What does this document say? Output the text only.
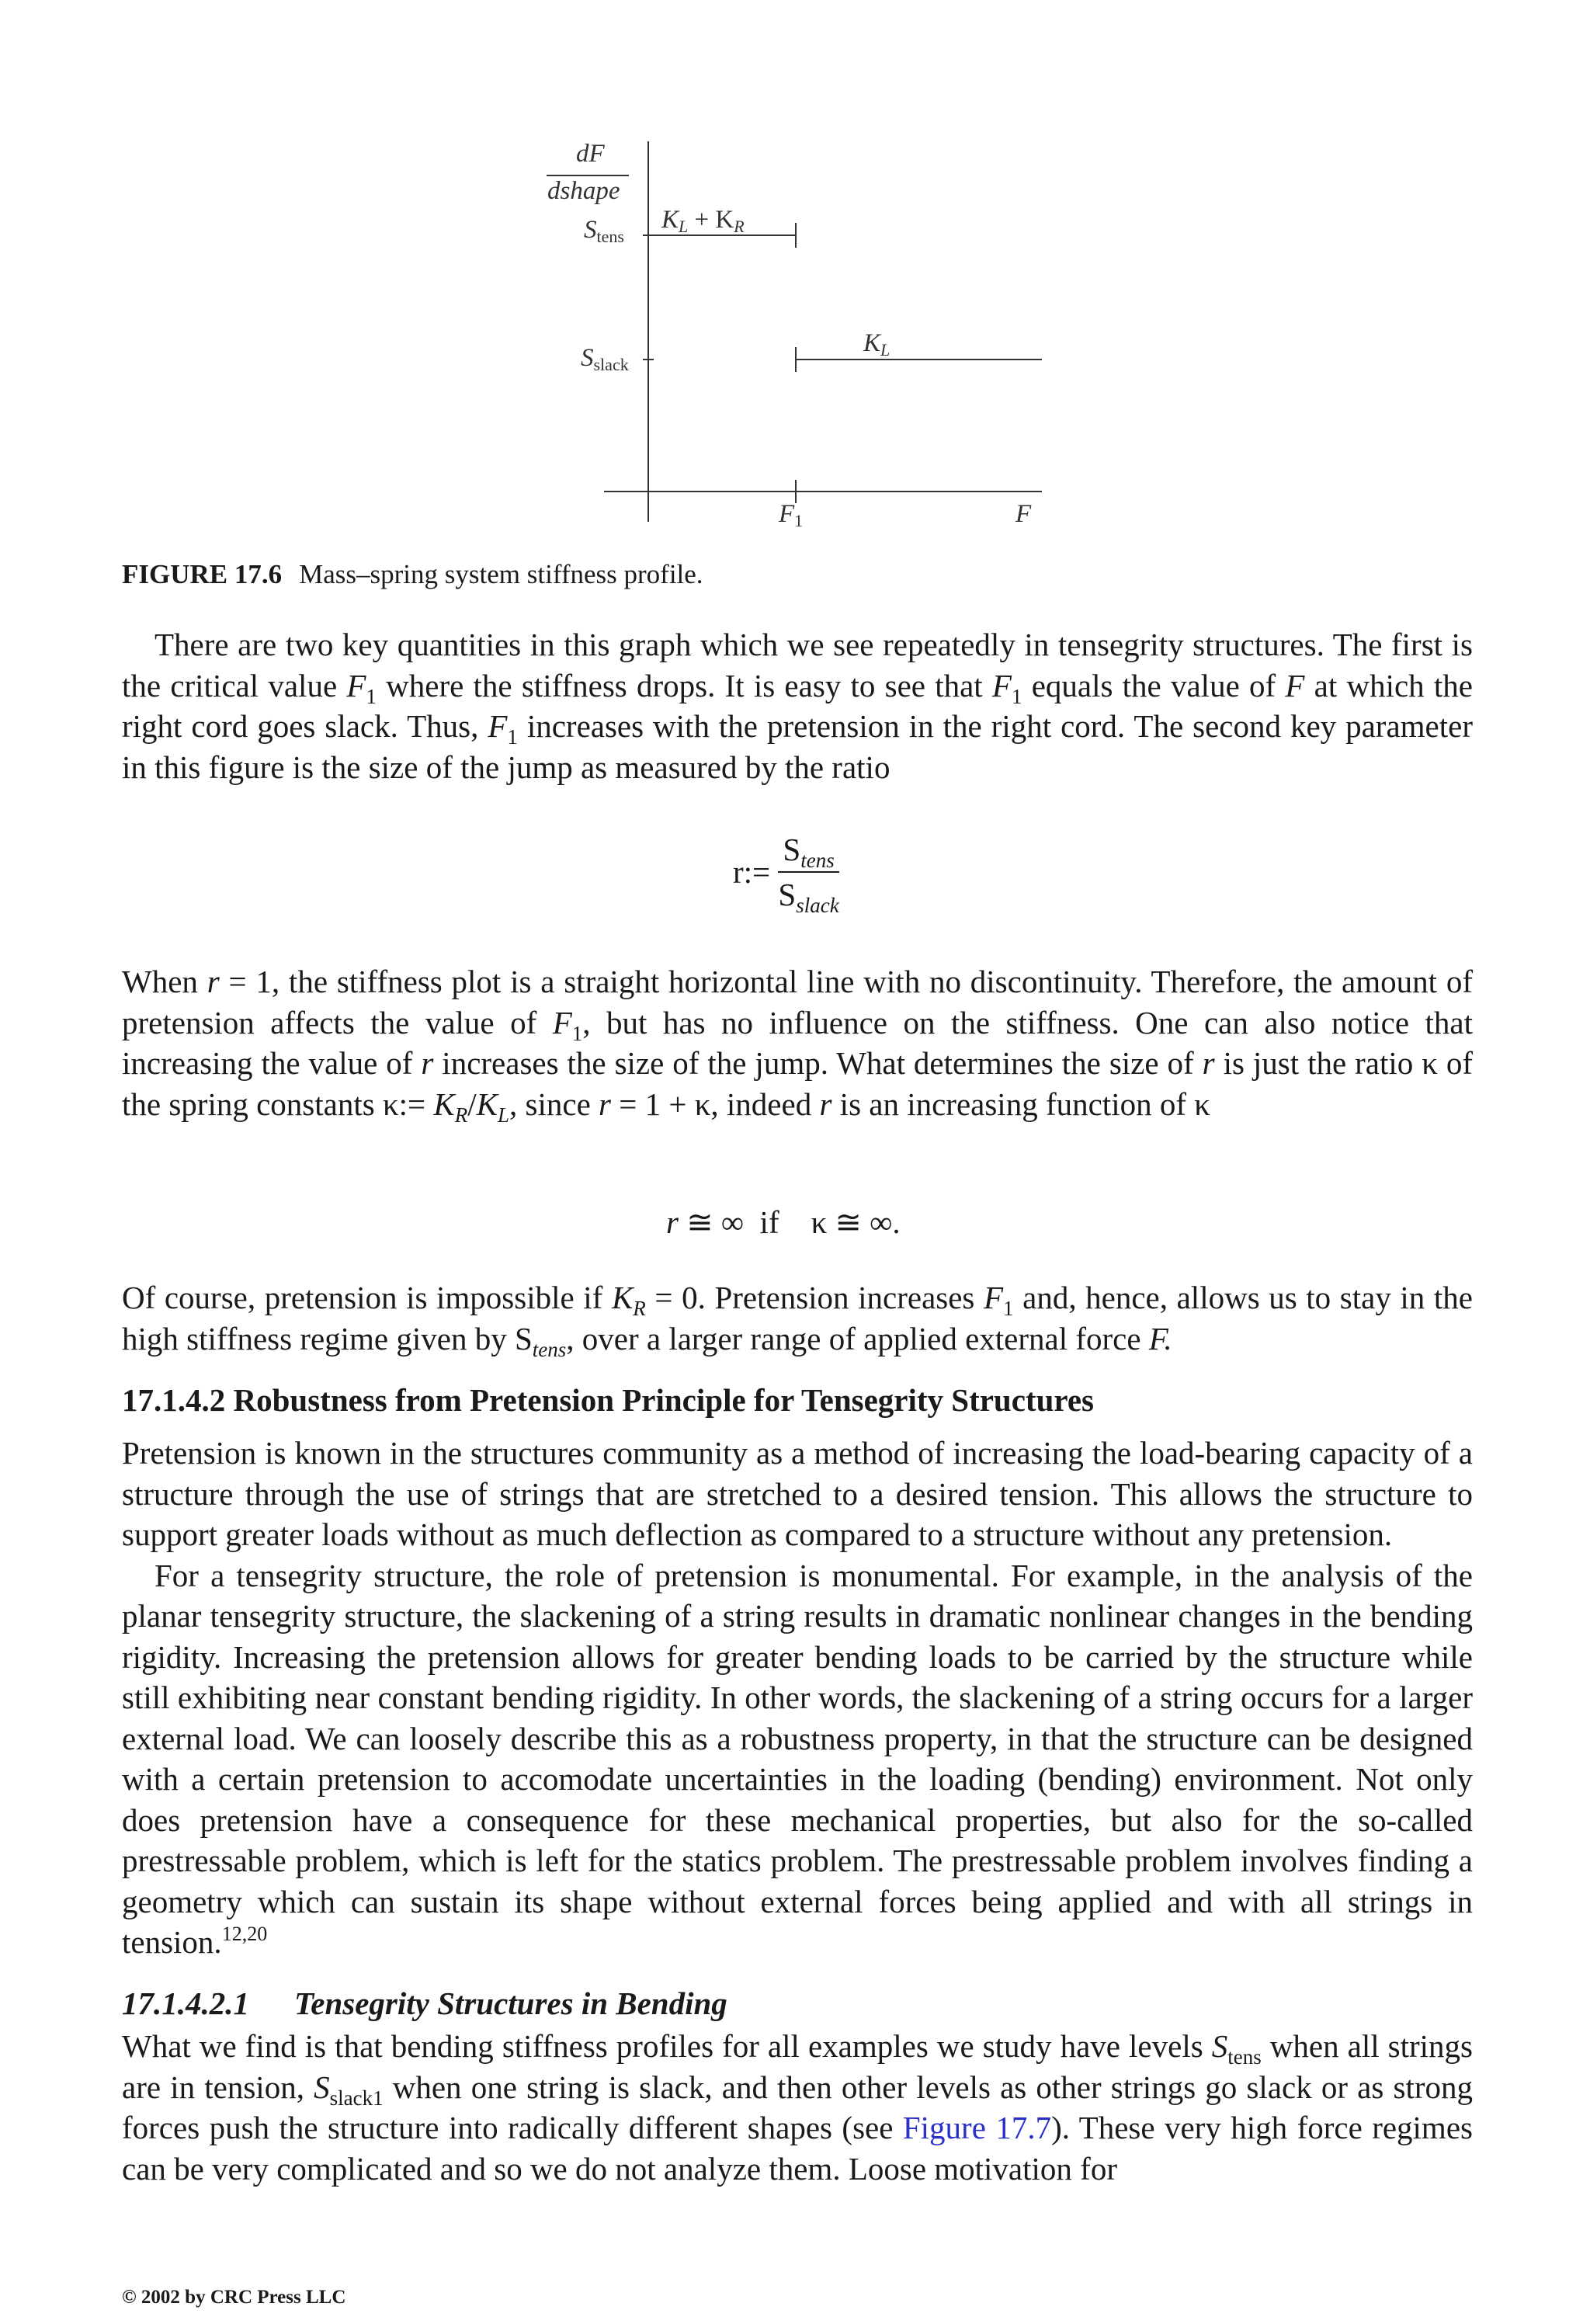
dF
dshape
$S_{tens}$
$S_{slack}$
$K_L + K_R$
$K_L$
$F_1$	F
FIGURE 17.6 Mass–spring system stiffness profile.

There are two key quantities in this graph which we see repeatedly in tensegrity structures. The first is the critical value $F_1$ where the stiffness drops. It is easy to see that $F_1$ equals the value of F at which the right cord goes slack. Thus, $F_1$ increases with the pretension in the right cord. The second key parameter in this figure is the size of the jump as measured by the ratio

r:=
$S_{tens}$
$S_{slack}$

When r = 1, the stiffness plot is a straight horizontal line with no discontinuity. Therefore, the amount of pretension affects the value of $F_1$, but has no influence on the stiffness. One can also notice that increasing the value of r increases the size of the jump. What determines the size of r is just the ratio κ of the spring constants κ:= $K_R/K_L$, since r = 1 + κ, indeed r is an increasing function of κ

r ≅ ∞  if    κ ≅ ∞.

Of course, pretension is impossible if $K_R = 0$. Pretension increases $F_1$ and, hence, allows us to stay in the high stiffness regime given by $S_{tens}$, over a larger range of applied external force F.

17.1.4.2 Robustness from Pretension Principle for Tensegrity Structures

Pretension is known in the structures community as a method of increasing the load-bearing capacity of a structure through the use of strings that are stretched to a desired tension. This allows the structure to support greater loads without as much deflection as compared to a structure without any pretension.

For a tensegrity structure, the role of pretension is monumental. For example, in the analysis of the planar tensegrity structure, the slackening of a string results in dramatic nonlinear changes in the bending rigidity. Increasing the pretension allows for greater bending loads to be carried by the structure while still exhibiting near constant bending rigidity. In other words, the slackening of a string occurs for a larger external load. We can loosely describe this as a robustness property, in that the structure can be designed with a certain pretension to accomodate uncertainties in the loading (bending) environment. Not only does pretension have a consequence for these mechanical properties, but also for the so-called prestressable problem, which is left for the statics problem. The prestressable problem involves finding a geometry which can sustain its shape without external forces being applied and with all strings in tension.$^{12,20}$

17.1.4.2.1 Tensegrity Structures in Bending

What we find is that bending stiffness profiles for all examples we study have levels $S_{tens}$ when all strings are in tension, $S_{slack1}$ when one string is slack, and then other levels as other strings go slack or as strong forces push the structure into radically different shapes (see Figure 17.7). These very high force regimes can be very complicated and so we do not analyze them. Loose motivation for

© 2002 by CRC Press LLC
